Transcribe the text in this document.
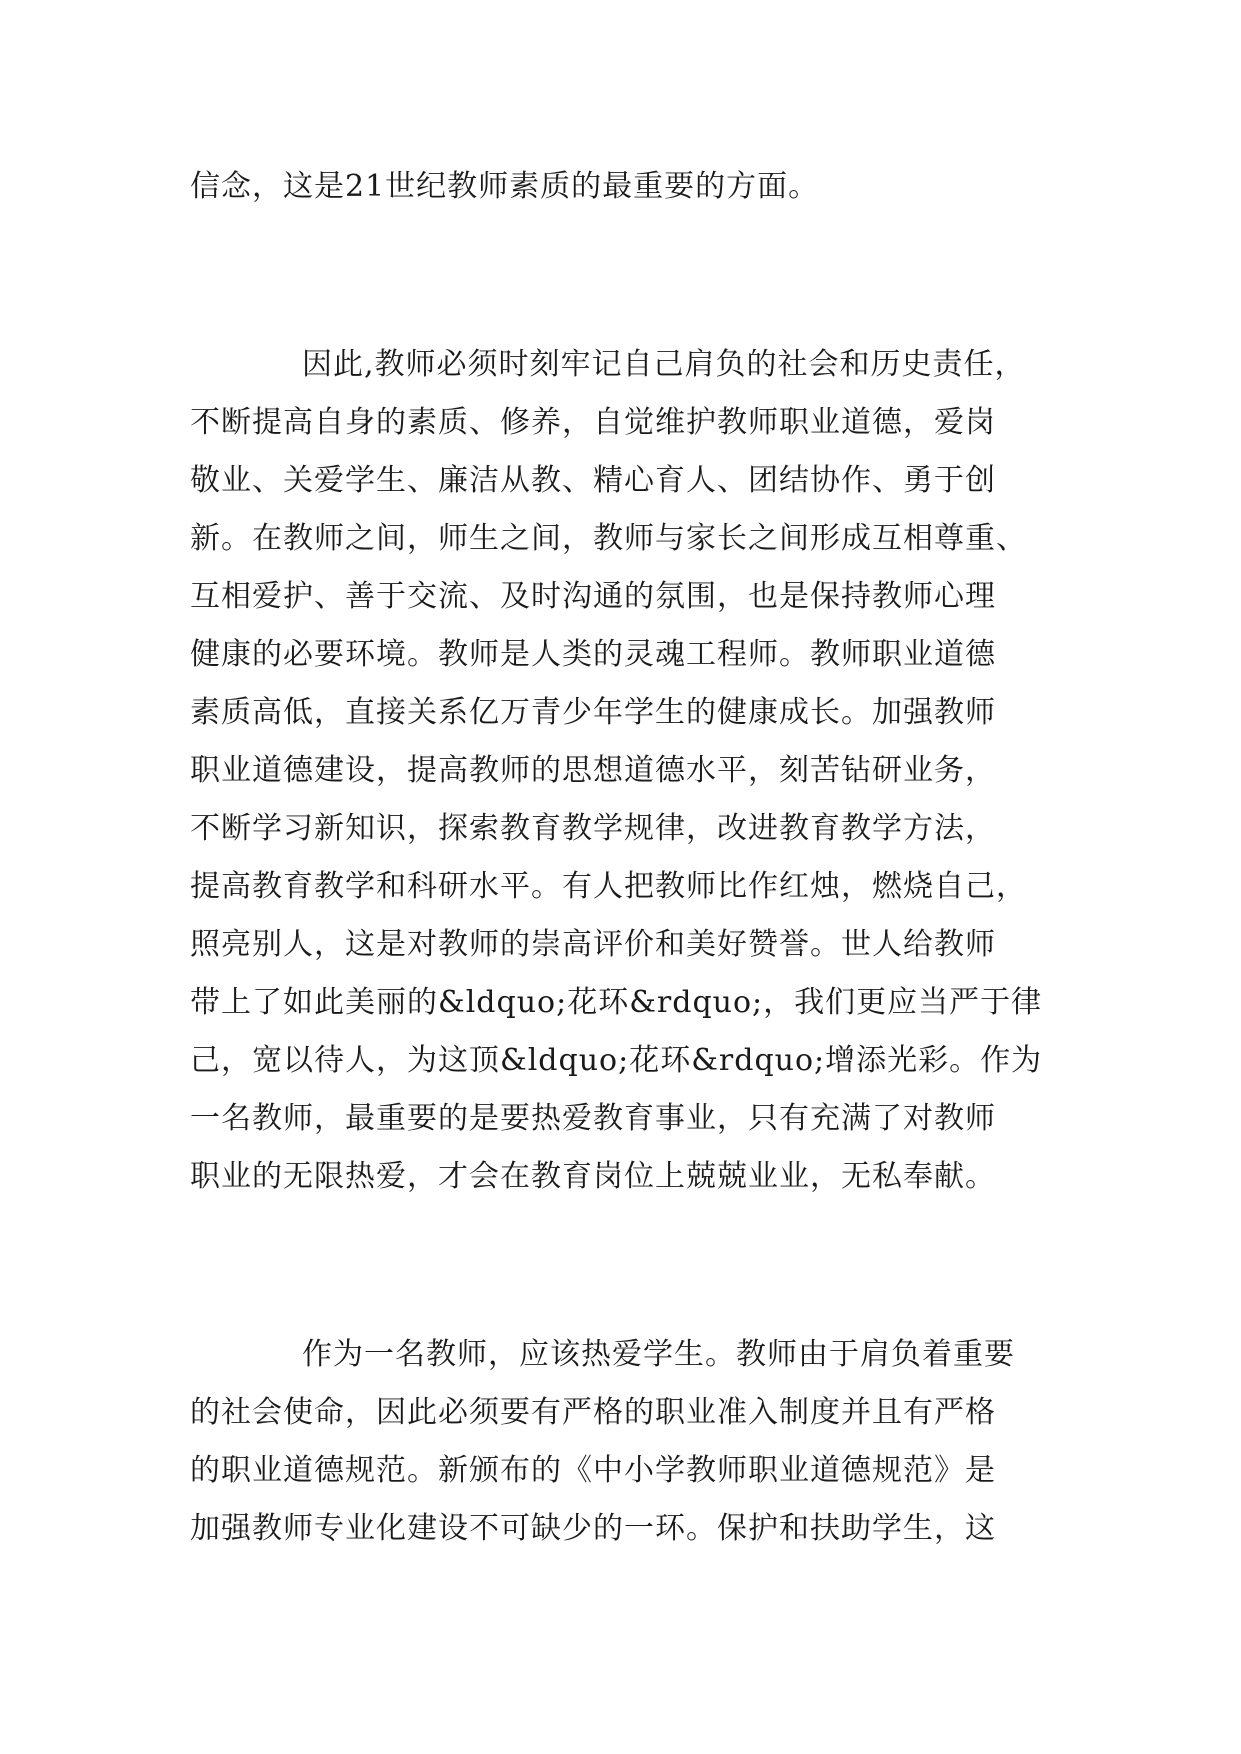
信念，这是21世纪教师素质的最重要的方面。

因此,教师必须时刻牢记自己肩负的社会和历史责任，

不断提高自身的素质、修养，自觉维护教师职业道德，爱岗

敬业、关爱学生、廉洁从教、精心育人、团结协作、勇于创

新。在教师之间，师生之间，教师与家长之间形成互相尊重、

互相爱护、善于交流、及时沟通的氛围，也是保持教师心理

健康的必要环境。教师是人类的灵魂工程师。教师职业道德

素质高低，直接关系亿万青少年学生的健康成长。加强教师

职业道德建设，提高教师的思想道德水平，刻苦钻研业务，

不断学习新知识，探索教育教学规律，改进教育教学方法，

提高教育教学和科研水平。有人把教师比作红烛，燃烧自己，

照亮别人，这是对教师的崇高评价和美好赞誉。世人给教师

带上了如此美丽的&ldquo;花环&rdquo;，我们更应当严于律

己，宽以待人，为这顶&ldquo;花环&rdquo;增添光彩。作为

一名教师，最重要的是要热爱教育事业，只有充满了对教师

职业的无限热爱，才会在教育岗位上兢兢业业，无私奉献。

作为一名教师，应该热爱学生。教师由于肩负着重要

的社会使命，因此必须要有严格的职业准入制度并且有严格

的职业道德规范。新颁布的《中小学教师职业道德规范》是

加强教师专业化建设不可缺少的一环。保护和扶助学生，这
